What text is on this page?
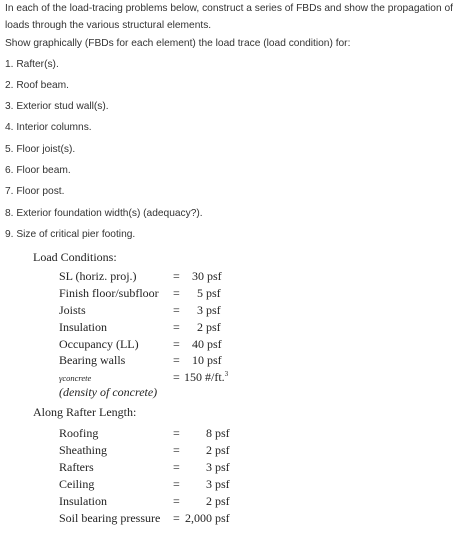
In each of the load-tracing problems below, construct a series of FBDs and show the propagation of loads through the various structural elements.
Show graphically (FBDs for each element) the load trace (load condition) for:
1. Rafter(s).
2. Roof beam.
3. Exterior stud wall(s).
4. Interior columns.
5. Floor joist(s).
6. Floor beam.
7. Floor post.
8. Exterior foundation width(s) (adequacy?).
9. Size of critical pier footing.
Load Conditions:
SL (horiz. proj.)	= 30 psf
Finish floor/subfloor = 5 psf
Joists	= 3 psf
Insulation	= 2 psf
Occupancy (LL)	= 40 psf
Bearing walls	= 10 psf
γconcrete	= 150 #/ft.$^3$
(density of concrete)
Along Rafter Length:
Roofing	= 8 psf
Sheathing	= 2 psf
Rafters	= 3 psf
Ceiling	= 3 psf
Insulation	= 2 psf
Soil bearing pressure = 2,000 psf
